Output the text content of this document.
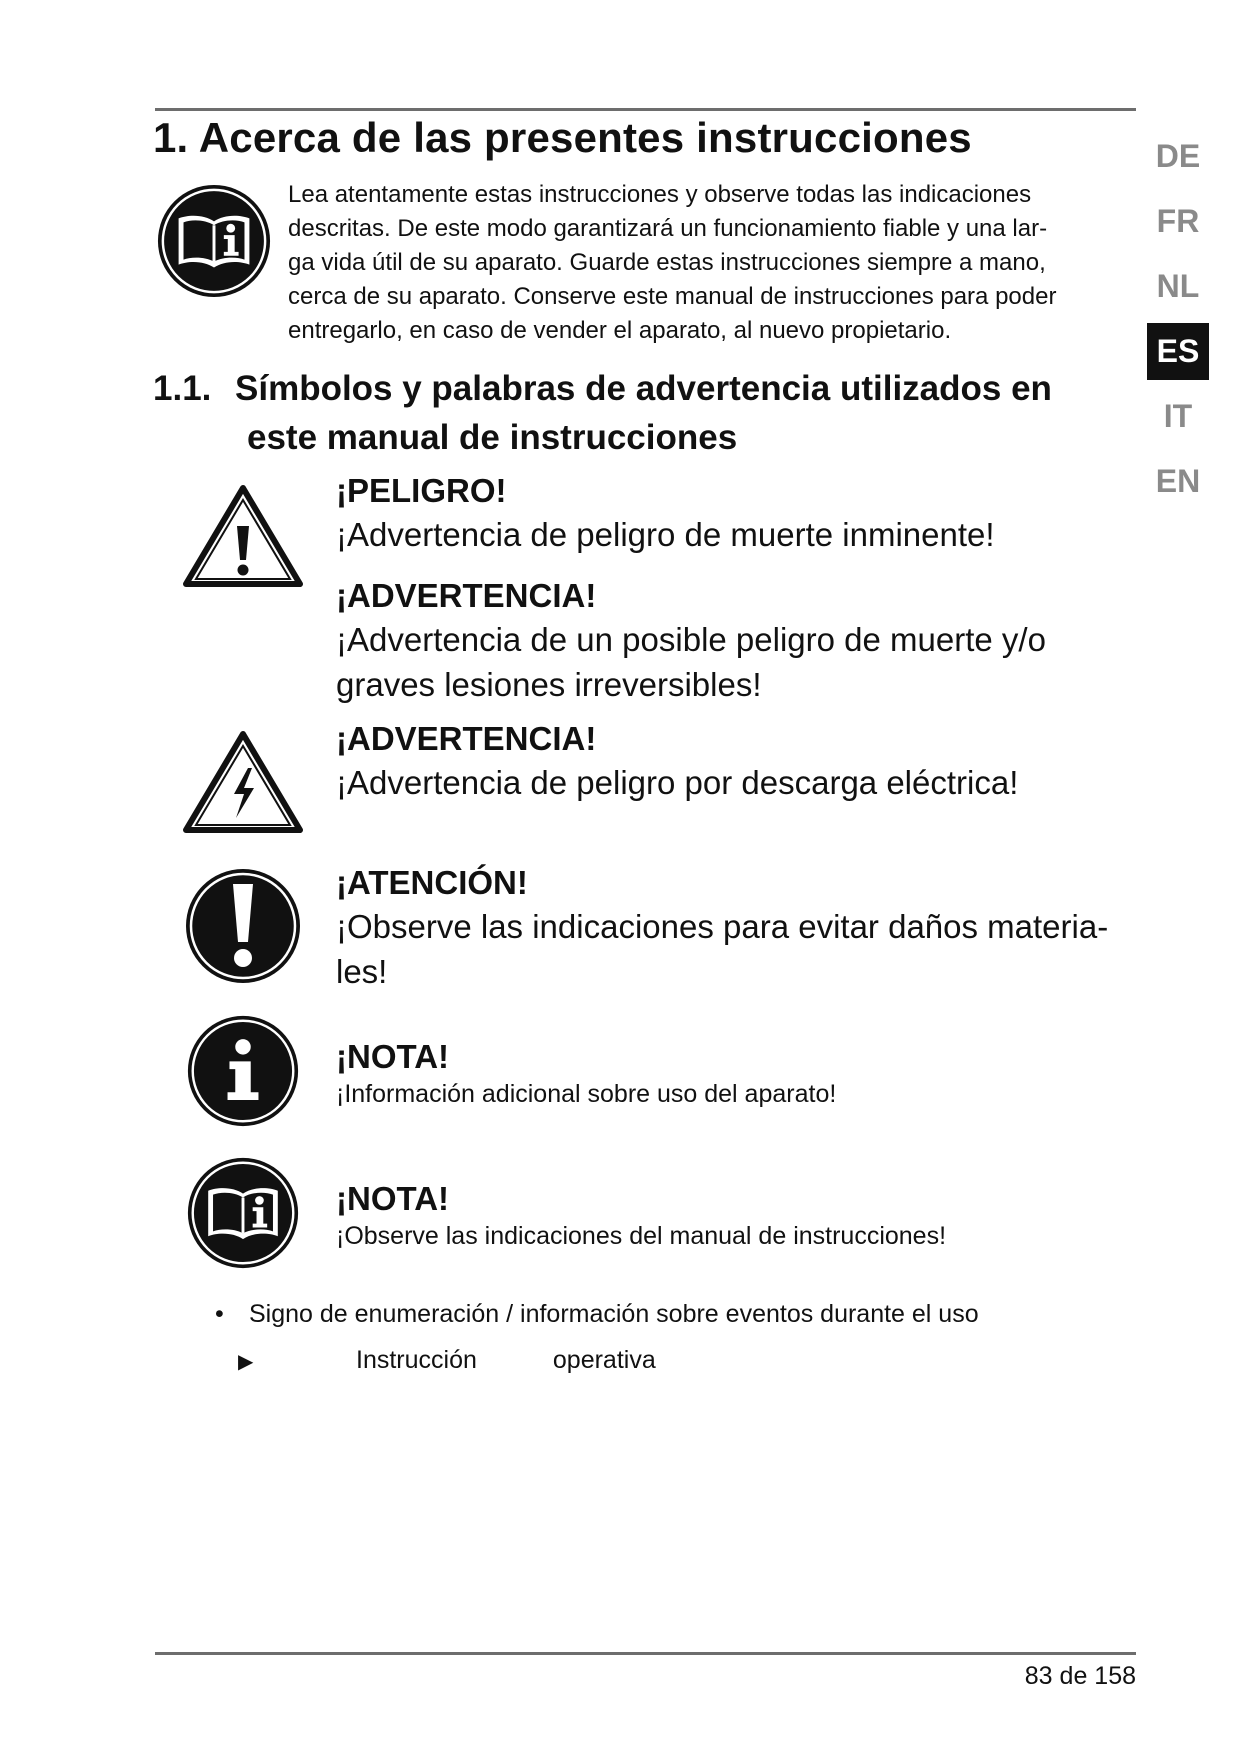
1. Acerca de las presentes instrucciones

Lea atentamente estas instrucciones y observe todas las indicaciones
descritas. De este modo garantizará un funcionamiento fiable y una lar-
ga vida útil de su aparato. Guarde estas instrucciones siempre a mano,
cerca de su aparato. Conserve este manual de instrucciones para poder
entregarlo, en caso de vender el aparato, al nuevo propietario.

DE
FR
NL
ES
IT
EN
1.1. Símbolos y palabras de advertencia utilizados en
este manual de instrucciones

¡PELIGRO!

¡Advertencia de peligro de muerte inminente!

¡ADVERTENCIA!

¡Advertencia de un posible peligro de muerte y/o

graves lesiones irreversibles!

¡ADVERTENCIA!

¡Advertencia de peligro por descarga eléctrica!

¡ATENCIÓN!

¡Observe las indicaciones para evitar daños materia-

les!

¡NOTA!

¡Información adicional sobre uso del aparato!

¡NOTA!

¡Observe las indicaciones del manual de instrucciones!

• Signo de enumeración / información sobre eventos durante el uso

▶	Instrucción	operativa

83 de 158
